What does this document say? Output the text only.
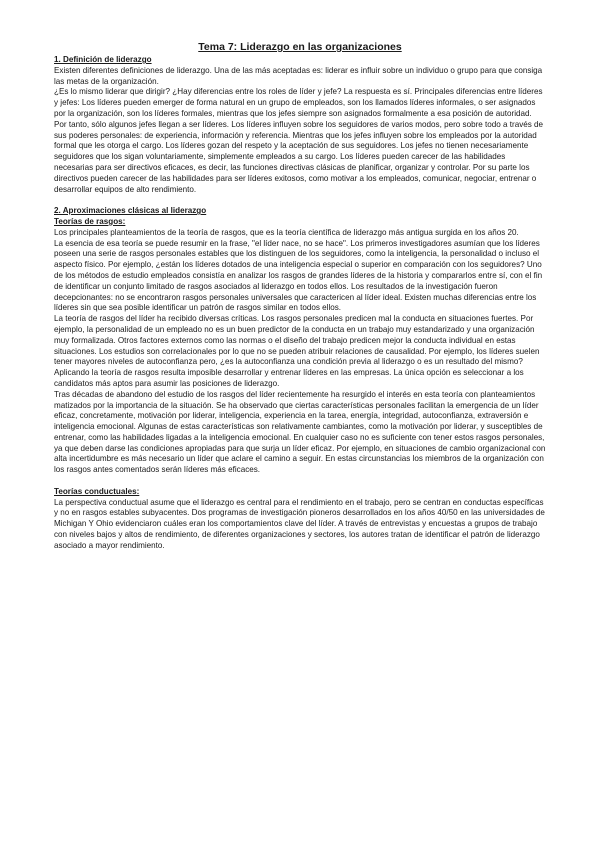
Tema 7: Liderazgo en las organizaciones
1. Definición de liderazgo

Existen diferentes definiciones de liderazgo. Una de las más aceptadas es: liderar es influir sobre un individuo o grupo para que consiga las metas de la organización.

¿Es lo mismo liderar que dirigir? ¿Hay diferencias entre los roles de líder y jefe? La respuesta es sí. Principales diferencias entre líderes y jefes: Los líderes pueden emerger de forma natural en un grupo de empleados, son los llamados líderes informales, o ser asignados por la organización, son los líderes formales, mientras que los jefes siempre son asignados formalmente a esa posición de autoridad. Por tanto, sólo algunos jefes llegan a ser líderes. Los líderes influyen sobre los seguidores de varios modos, pero sobre todo a través de sus poderes personales: de experiencia, información y referencia. Mientras que los jefes influyen sobre los empleados por la autoridad formal que les otorga el cargo. Los líderes gozan del respeto y la aceptación de sus seguidores. Los jefes no tienen necesariamente seguidores que los sigan voluntariamente, simplemente empleados a su cargo. Los líderes pueden carecer de las habilidades necesarias para ser directivos eficaces, es decir, las funciones directivas clásicas de planificar, organizar y controlar. Por su parte los directivos pueden carecer de las habilidades para ser líderes exitosos, como motivar a los empleados, comunicar, negociar, entrenar o desarrollar equipos de alto rendimiento.

2. Aproximaciones clásicas al liderazgo
Teorías de rasgos:

Los principales planteamientos de la teoría de rasgos, que es la teoría científica de liderazgo más antigua surgida en los años 20.

La esencia de esa teoría se puede resumir en la frase, "el líder nace, no se hace". Los primeros investigadores asumían que los líderes poseen una serie de rasgos personales estables que los distinguen de los seguidores, como la inteligencia, la personalidad o incluso el aspecto físico. Por ejemplo, ¿están los líderes dotados de una inteligencia especial o superior en comparación con los seguidores? Uno de los métodos de estudio empleados consistía en analizar los rasgos de grandes líderes de la historia y compararlos entre sí, con el fin de identificar un conjunto limitado de rasgos asociados al liderazgo en todos ellos. Los resultados de la investigación fueron decepcionantes: no se encontraron rasgos personales universales que caractericen al líder ideal. Existen muchas diferencias entre los líderes sin que sea posible identificar un patrón de rasgos similar en todos ellos.

La teoría de rasgos del líder ha recibido diversas críticas. Los rasgos personales predicen mal la conducta en situaciones fuertes. Por ejemplo, la personalidad de un empleado no es un buen predictor de la conducta en un trabajo muy estandarizado y una organización muy formalizada. Otros factores externos como las normas o el diseño del trabajo predicen mejor la conducta individual en estas situaciones. Los estudios son correlacionales por lo que no se pueden atribuir relaciones de causalidad. Por ejemplo, los líderes suelen tener mayores niveles de autoconfianza pero, ¿es la autoconfianza una condición previa al liderazgo o es un resultado del mismo? Aplicando la teoría de rasgos resulta imposible desarrollar y entrenar líderes en las empresas. La única opción es seleccionar a los candidatos más aptos para asumir las posiciones de liderazgo.

Tras décadas de abandono del estudio de los rasgos del líder recientemente ha resurgido el interés en esta teoría con planteamientos matizados por la importancia de la situación. Se ha observado que ciertas características personales facilitan la emergencia de un líder eficaz, concretamente, motivación por liderar, inteligencia, experiencia en la tarea, energía, integridad, autoconfianza, extraversión e inteligencia emocional. Algunas de estas características son relativamente cambiantes, como la motivación por liderar, y susceptibles de entrenar, como las habilidades ligadas a la inteligencia emocional. En cualquier caso no es suficiente con tener estos rasgos personales, ya que deben darse las condiciones apropiadas para que surja un líder eficaz. Por ejemplo, en situaciones de cambio organizacional con alta incertidumbre es más necesario un líder que aclare el camino a seguir. En estas circunstancias los miembros de la organización con los rasgos antes comentados serán líderes más eficaces.

Teorías conductuales:

La perspectiva conductual asume que el liderazgo es central para el rendimiento en el trabajo, pero se centran en conductas específicas y no en rasgos estables subyacentes. Dos programas de investigación pioneros desarrollados en los años 40/50 en las universidades de Michigan Y Ohio evidenciaron cuáles eran los comportamientos clave del líder. A través de entrevistas y encuestas a grupos de trabajo con niveles bajos y altos de rendimiento, de diferentes organizaciones y sectores, los autores tratan de identificar el patrón de liderazgo asociado a mayor rendimiento.
